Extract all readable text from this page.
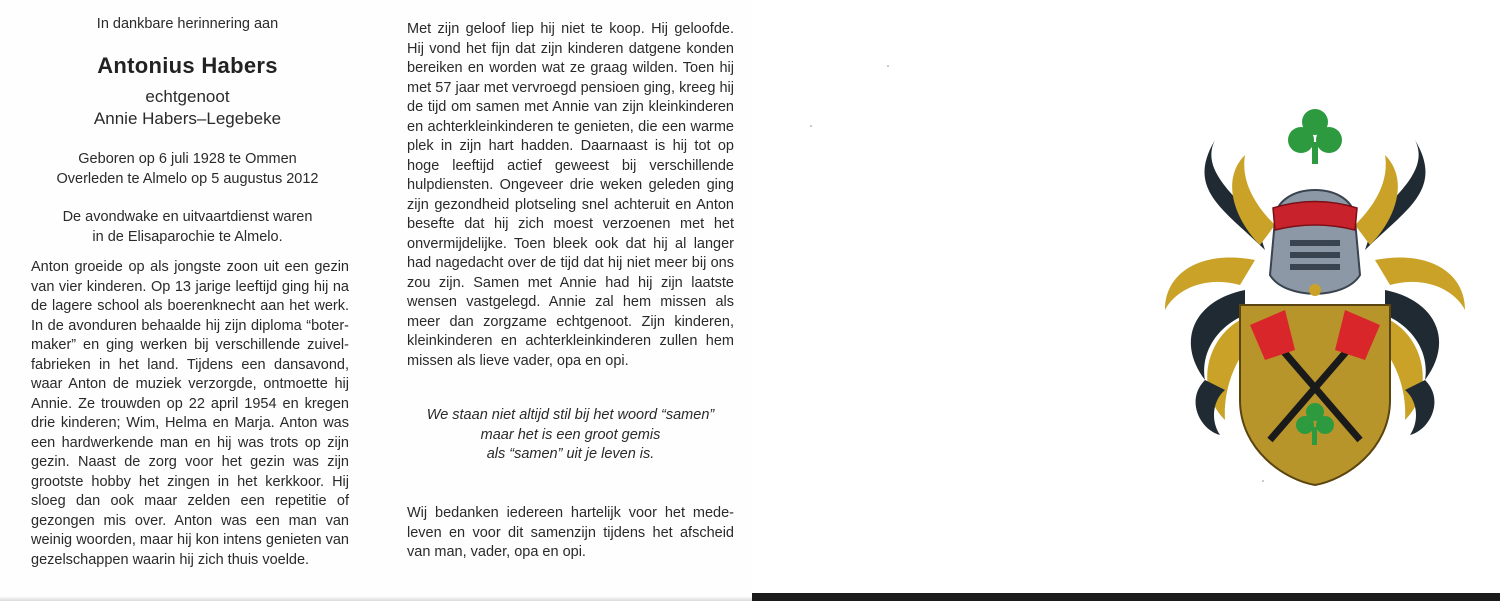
In dankbare herinnering aan
Antonius Habers
echtgenoot
Annie Habers–Legebeke
Geboren op 6 juli 1928 te Ommen
Overleden te Almelo op 5 augustus 2012
De avondwake en uitvaartdienst waren
in de Elisaparochie te Almelo.
Anton groeide op als jongste zoon uit een gezin van vier kinderen. Op 13 jarige leeftijd ging hij na de lagere school als boerenknecht aan het werk. In de avonduren behaalde hij zijn diploma “botermaker” en ging werken bij verschillende zuivelfabrieken in het land. Tijdens een dansavond, waar Anton de muziek verzorgde, ontmoette hij Annie. Ze trouwden op 22 april 1954 en kregen drie kinderen; Wim, Helma en Marja. Anton was een hardwerkende man en hij was trots op zijn gezin. Naast de zorg voor het gezin was zijn grootste hobby het zingen in het kerkkoor. Hij sloeg dan ook maar zelden een repetitie of gezongen mis over. Anton was een man van weinig woorden, maar hij kon intens genieten van gezelschappen waarin hij zich thuis voelde.
Met zijn geloof liep hij niet te koop. Hij geloofde. Hij vond het fijn dat zijn kinderen datgene konden bereiken en worden wat ze graag wilden. Toen hij met 57 jaar met vervroegd pensioen ging, kreeg hij de tijd om samen met Annie van zijn kleinkinderen en achterkleinkinderen te genieten, die een warme plek in zijn hart hadden. Daarnaast is hij tot op hoge leeftijd actief geweest bij verschillende hulpdiensten. Ongeveer drie weken geleden ging zijn gezondheid plotseling snel achteruit en Anton besefte dat hij zich moest verzoenen met het onvermijdelijke. Toen bleek ook dat hij al langer had nagedacht over de tijd dat hij niet meer bij ons zou zijn. Samen met Annie had hij zijn laatste wensen vastgelegd. Annie zal hem missen als meer dan zorgzame echtgenoot. Zijn kinderen, kleinkinderen en achterkleinkinderen zullen hem missen als lieve vader, opa en opi.
We staan niet altijd stil bij het woord “samen”
maar het is een groot gemis
als “samen” uit je leven is.
Wij bedanken iedereen hartelijk voor het medeleven en voor dit samenzijn tijdens het afscheid van man, vader, opa en opi.
